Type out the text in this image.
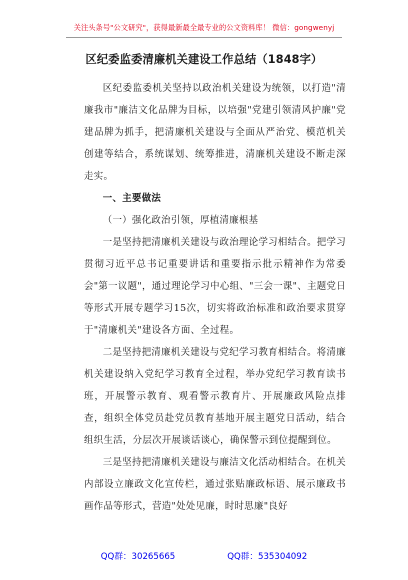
关注头条号"公文研究"，获得最新最全最专业的公文资料库！ 微信：gongwenyj
区纪委监委清廉机关建设工作总结（1848字）

区纪委监委机关坚持以政治机关建设为统领，以打造"清廉我市"廉洁文化品牌为目标，以培强"党建引领清风护廉"党建品牌为抓手，把清廉机关建设与全面从严治党、模范机关创建等结合，系统谋划、统筹推进，清廉机关建设不断走深走实。

一、主要做法

（一）强化政治引领，厚植清廉根基

一是坚持把清廉机关建设与政治理论学习相结合。把学习贯彻习近平总书记重要讲话和重要指示批示精神作为常委会"第一议题"，通过理论学习中心组、"三会一课"、主题党日等形式开展专题学习15次，切实将政治标准和政治要求贯穿于"清廉机关"建设各方面、全过程。

二是坚持把清廉机关建设与党纪学习教育相结合。将清廉机关建设纳入党纪学习教育全过程，举办党纪学习教育读书班，开展警示教育、观看警示教育片、开展廉政风险点排查，组织全体党员赴党员教育基地开展主题党日活动，结合组织生活，分层次开展谈话谈心，确保警示到位提醒到位。

三是坚持把清廉机关建设与廉洁文化活动相结合。在机关内部设立廉政文化宣传栏，通过张贴廉政标语、展示廉政书画作品等形式，营造"处处见廉，时时思廉"良好

QQ群：30265665	QQ群：535304092
